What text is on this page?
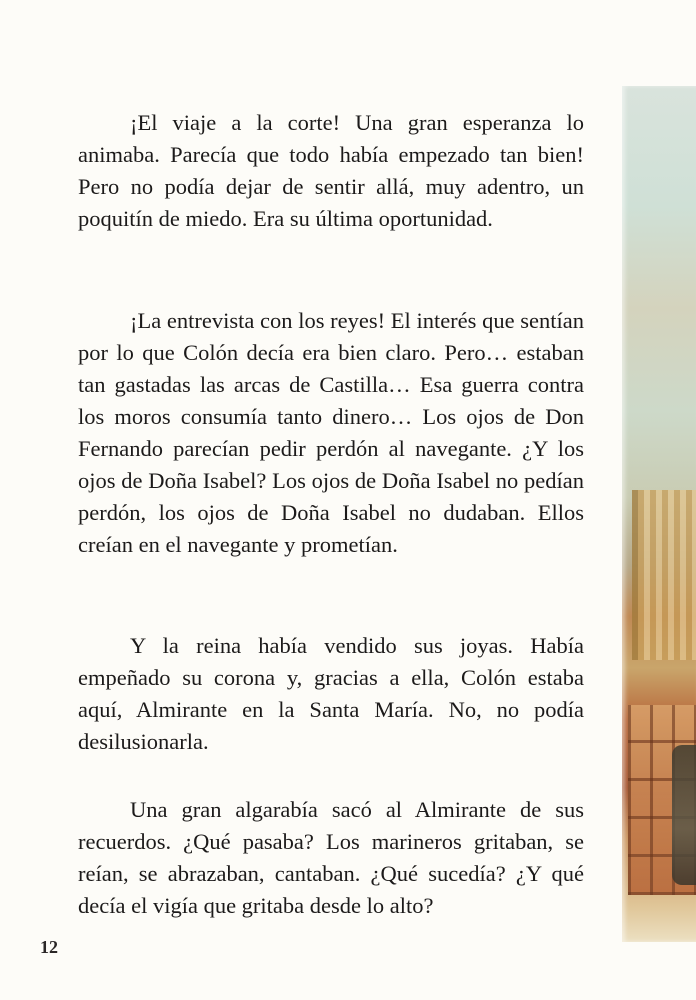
¡El viaje a la corte! Una gran esperanza lo animaba. Parecía que todo había empezado tan bien! Pero no podía dejar de sentir allá, muy adentro, un poquitín de miedo. Era su última oportunidad.

¡La entrevista con los reyes! El interés que sentían por lo que Colón decía era bien claro. Pero… estaban tan gastadas las arcas de Castilla… Esa guerra contra los moros consumía tanto dinero… Los ojos de Don Fernando parecían pedir perdón al navegante. ¿Y los ojos de Doña Isabel? Los ojos de Doña Isabel no pedían perdón, los ojos de Doña Isabel no dudaban. Ellos creían en el navegante y prometían.

Y la reina había vendido sus joyas. Había empeñado su corona y, gracias a ella, Colón estaba aquí, Almirante en la Santa María. No, no podía desilusionarla.

Una gran algarabía sacó al Almirante de sus recuerdos. ¿Qué pasaba? Los marineros gritaban, se reían, se abrazaban, cantaban. ¿Qué sucedía? ¿Y qué decía el vigía que gritaba desde lo alto?

12
